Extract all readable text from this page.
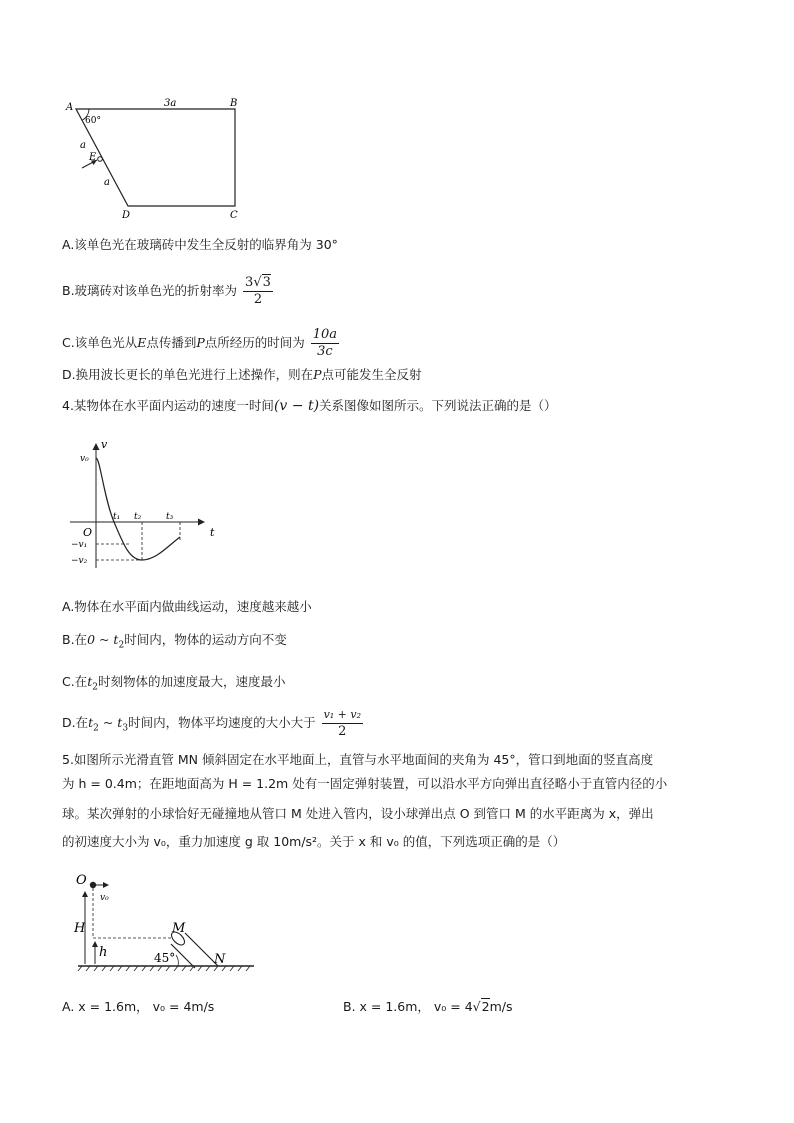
A	B
C
D
E
3a
60°
a
a
A.该单色光在玻璃砖中发生全反射的临界角为 30°
B.玻璃砖对该单色光的折射率为 $\frac{3√3}{2}$
C.该单色光从E点传播到P点所经历的时间为 $\frac{10a}{3c}$
D.换用波长更长的单色光进行上述操作，则在P点可能发生全反射
4.某物体在水平面内运动的速度一时间(v − t)关系图像如图所示。下列说法正确的是（）
v
v₀
t
O
t₁ t₂	t₃
−v₁
−v₂
A.物体在水平面内做曲线运动，速度越来越小
B.在0 ~ $t_2$时间内，物体的运动方向不变
C.在$t_2$时刻物体的加速度最大，速度最小
D.在$t_2$ ~ $t_3$时间内，物体平均速度的大小大于 $\frac{\text{v₁ + v₂}}{2}$
5.如图所示光滑直管 MN 倾斜固定在水平地面上，直管与水平地面间的夹角为 45°，管口到地面的竖直高度
为 h = 0.4m；在距地面高为 H = 1.2m 处有一固定弹射装置，可以沿水平方向弹出直径略小于直管内径的小
球。某次弹射的小球恰好无碰撞地从管口 M 处进入管内，设小球弹出点 O 到管口 M 的水平距离为 x，弹出
的初速度大小为 v₀，重力加速度 g 取 10m/s²。关于 x 和 v₀ 的值，下列选项正确的是（）
O
v₀
H
h
M
N
45°
A. x = 1.6m， v₀ = 4m/s	B. x = 1.6m， v₀ = 4√2m/s
